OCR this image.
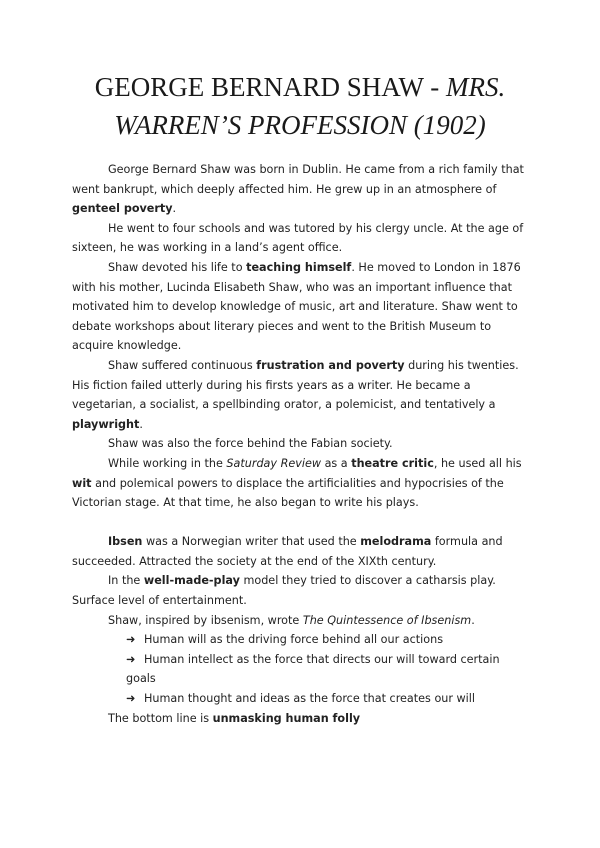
GEORGE BERNARD SHAW - MRS.
WARREN’S PROFESSION (1902)

George Bernard Shaw was born in Dublin. He came from a rich family that went bankrupt, which deeply affected him. He grew up in an atmosphere of genteel poverty.

He went to four schools and was tutored by his clergy uncle. At the age of sixteen, he was working in a land’s agent office.

Shaw devoted his life to teaching himself. He moved to London in 1876 with his mother, Lucinda Elisabeth Shaw, who was an important influence that motivated him to develop knowledge of music, art and literature. Shaw went to debate workshops about literary pieces and went to the British Museum to acquire knowledge.

Shaw suffered continuous frustration and poverty during his twenties. His fiction failed utterly during his firsts years as a writer. He became a vegetarian, a socialist, a spellbinding orator, a polemicist, and tentatively a playwright.

Shaw was also the force behind the Fabian society.

While working in the Saturday Review as a theatre critic, he used all his wit and polemical powers to displace the artificialities and hypocrisies of the Victorian stage. At that time, he also began to write his plays.

Ibsen was a Norwegian writer that used the melodrama formula and succeeded. Attracted the society at the end of the XIXth century.

In the well-made-play model they tried to discover a catharsis play. Surface level of entertainment.

Shaw, inspired by ibsenism, wrote The Quintessence of Ibsenism.

➜ Human will as the driving force behind all our actions
➜ Human intellect as the force that directs our will toward certain goals
➜ Human thought and ideas as the force that creates our will

The bottom line is unmasking human folly
